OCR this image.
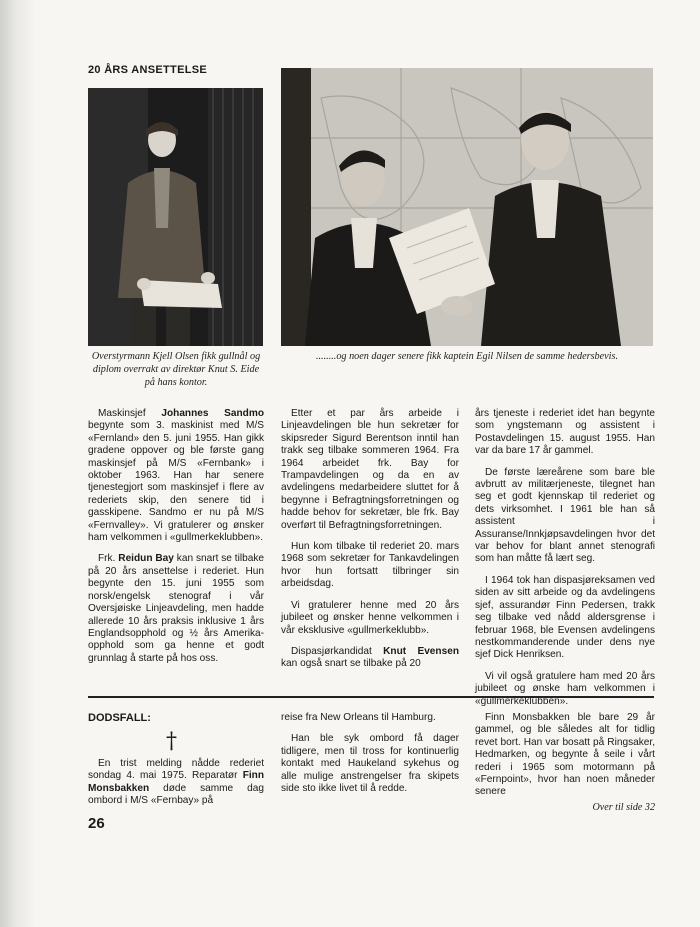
20 ÅRS ANSETTELSE
Overstyrmann Kjell Olsen fikk gullnål og diplom overrakt av direktør Knut S. Eide på hans kontor.
........og noen dager senere fikk kaptein Egil Nilsen de samme hedersbevis.

Maskinsjef Johannes Sandmo begynte som 3. maskinist med M/S «Fernland» den 5. juni 1955. Han gikk gradene oppover og ble første gang maskinsjef på M/S «Fernbank» i oktober 1963. Han har senere tjenestegjort som maskinsjef i flere av rederiets skip, den senere tid i gasskipene. Sandmo er nu på M/S «Fernvalley». Vi gratulerer og ønsker ham velkommen i «gullmerkeklubben».

Frk. Reidun Bay kan snart se tilbake på 20 års ansettelse i rederiet. Hun begynte den 15. juni 1955 som norsk/engelsk stenograf i vår Oversjøiske Linjeavdeling, men hadde allerede 10 års praksis inklusive 1 års Englandsopphold og ½ års Amerika-opphold som ga henne et godt grunnlag å starte på hos oss.

Etter et par års arbeide i Linjeavdelingen ble hun sekretær for skipsreder Sigurd Berentson inntil han trakk seg tilbake sommeren 1964. Fra 1964 arbeidet frk. Bay for Trampavdelingen og da en av avdelingens medarbeidere sluttet for å begynne i Befragtningsforretningen og hadde behov for sekretær, ble frk. Bay overført til Befragtningsforretningen.

Hun kom tilbake til rederiet 20. mars 1968 som sekretær for Tankavdelingen hvor hun fortsatt tilbringer sin arbeidsdag.

Vi gratulerer henne med 20 års jubileet og ønsker henne velkommen i vår eksklusive «gullmerkeklubb».

Dispasjørkandidat Knut Evensen kan også snart se tilbake på 20

års tjeneste i rederiet idet han begynte som yngstemann og assistent i Postavdelingen 15. august 1955. Han var da bare 17 år gammel.

De første læreårene som bare ble avbrutt av militærjeneste, tilegnet han seg et godt kjennskap til rederiet og dets virksomhet. I 1961 ble han så assistent i Assuranse/Innkjøpsavdelingen hvor det var behov for blant annet stenografi som han måtte få lært seg.

I 1964 tok han dispasjøreksamen ved siden av sitt arbeide og da avdelingens sjef, assurandør Finn Pedersen, trakk seg tilbake ved nådd aldersgrense i februar 1968, ble Evensen avdelingens nestkommanderende under dens nye sjef Dick Henriksen.

Vi vil også gratulere ham med 20 års jubileet og ønske ham velkommen i «gullmerkeklubben».

DODSFALL:
†

En trist melding nådde rederiet sondag 4. mai 1975. Reparatør Finn Monsbakken døde samme dag ombord i M/S «Fernbay» på

reise fra New Orleans til Hamburg.

Han ble syk ombord få dager tidligere, men til tross for kontinuerlig kontakt med Haukeland sykehus og alle mulige anstrengelser fra skipets side sto ikke livet til å redde.

Finn Monsbakken ble bare 29 år gammel, og ble således alt for tidlig revet bort. Han var bosatt på Ringsaker, Hedmarken, og begynte å seile i vårt rederi i 1965 som motormann på «Fernpoint», hvor han noen måneder senere

Over til side 32
26
